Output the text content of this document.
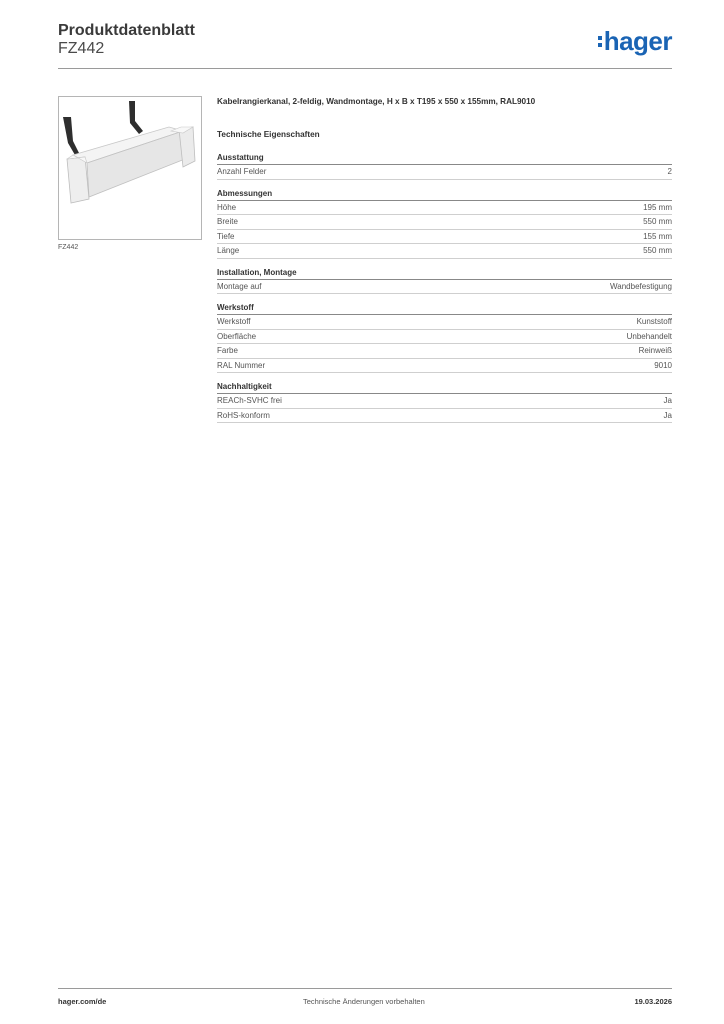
Produktdatenblatt
FZ442	hager
FZ442
Kabelrangierkanal, 2-feldig, Wandmontage, H x B x T195 x 550 x 155mm, RAL9010
Technische Eigenschaften
Ausstattung
Anzahl Felder	2
Abmessungen
Höhe	195 mm
Breite	550 mm
Tiefe	155 mm
Länge	550 mm
Installation, Montage
Montage auf	Wandbefestigung
Werkstoff
Werkstoff	Kunststoff
Oberfläche	Unbehandelt
Farbe	Reinweiß
RAL Nummer	9010
Nachhaltigkeit
REACh-SVHC frei	Ja
RoHS-konform	Ja
hager.com/de	Technische Änderungen vorbehalten	19.03.2026
